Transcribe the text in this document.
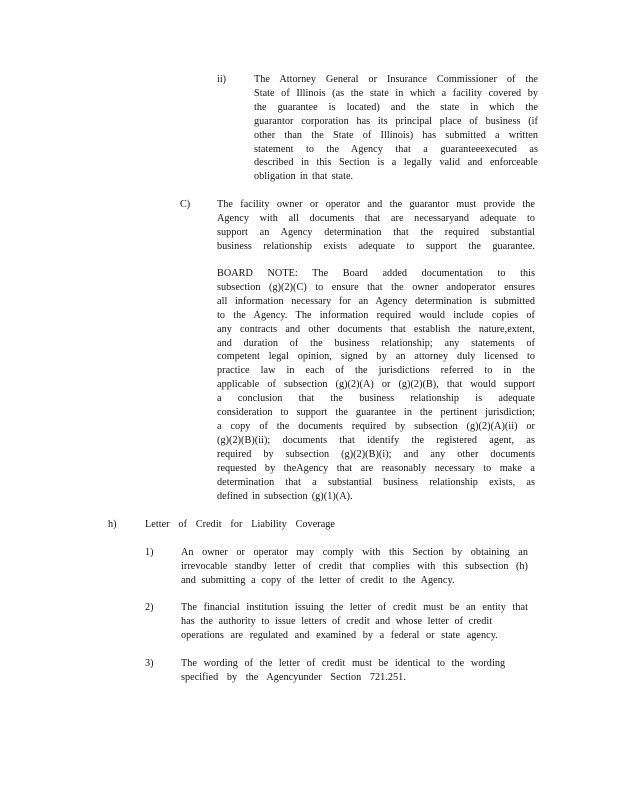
ii)	The Attorney General or Insurance Commissioner of the
State of Illinois (as the state in which a facility covered by
the guarantee is located) and the state in which the
guarantor corporation has its principal place of business (if
other than the State of Illinois) has submitted a written
statement to the Agency that a guaranteeexecuted as
described in this Section is a legally valid and enforceable
obligation in that state.
C)	The facility owner or operator and the guarantor must provide the
Agency with all documents that are necessaryand adequate to
support an Agency determination that the required substantial
business relationship exists adequate to support the guarantee.
BOARD NOTE: The Board added documentation to this
subsection (g)(2)(C) to ensure that the owner andoperator ensures
all information necessary for an Agency determination is submitted
to the Agency. The information required would include copies of
any contracts and other documents that establish the nature,extent,
and duration of the business relationship; any statements of
competent legal opinion, signed by an attorney duly licensed to
practice law in each of the jurisdictions referred to in the
applicable of subsection (g)(2)(A) or (g)(2)(B), that would support
a conclusion that the business relationship is adequate
consideration to support the guarantee in the pertinent jurisdiction;
a copy of the documents required by subsection (g)(2)(A)(ii) or
(g)(2)(B)(ii); documents that identify the registered agent, as
required by subsection (g)(2)(B)(i); and any other documents
requested by theAgency that are reasonably necessary to make a
determination that a substantial business relationship exists, as
defined in subsection (g)(1)(A).
h)	Letter of Credit for Liability Coverage
1)	An owner or operator may comply with this Section by obtaining an
irrevocable standby letter of credit that complies with this subsection (h)
and submitting a copy of the letter of credit to the Agency.
2)	The financial institution issuing the letter of credit must be an entity that
has the authority to issue letters of credit and whose letter of credit
operations are regulated and examined by a federal or state agency.
3)	The wording of the letter of credit must be identical to the wording
specified by the Agencyunder Section 721.251.
